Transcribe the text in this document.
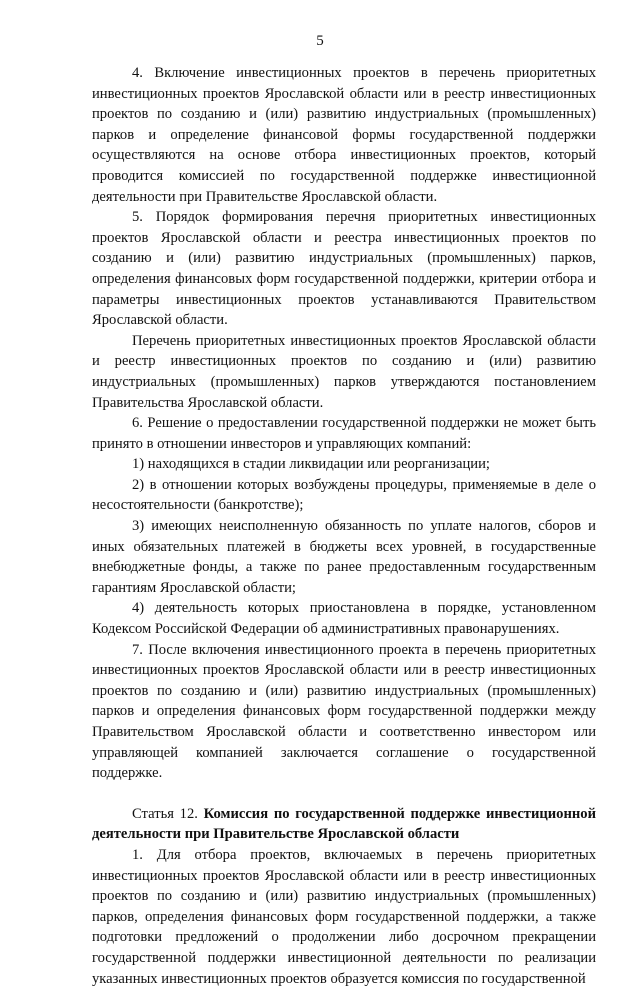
5

4. Включение инвестиционных проектов в перечень приоритетных инвестиционных проектов Ярославской области или в реестр инвестиционных проектов по созданию и (или) развитию индустриальных (промышленных) парков и определение финансовой формы государственной поддержки осуществляются на основе отбора инвестиционных проектов, который проводится комиссией по государственной поддержке инвестиционной деятельности при Правительстве Ярославской области.

5. Порядок формирования перечня приоритетных инвестиционных проектов Ярославской области и реестра инвестиционных проектов по созданию и (или) развитию индустриальных (промышленных) парков, определения финансовых форм государственной поддержки, критерии отбора и параметры инвестиционных проектов устанавливаются Правительством Ярославской области.

Перечень приоритетных инвестиционных проектов Ярославской области и реестр инвестиционных проектов по созданию и (или) развитию индустриальных (промышленных) парков утверждаются постановлением Правительства Ярославской области.

6. Решение о предоставлении государственной поддержки не может быть принято в отношении инвесторов и управляющих компаний:

1) находящихся в стадии ликвидации или реорганизации;

2) в отношении которых возбуждены процедуры, применяемые в деле о несостоятельности (банкротстве);

3) имеющих неисполненную обязанность по уплате налогов, сборов и иных обязательных платежей в бюджеты всех уровней, в государственные внебюджетные фонды, а также по ранее предоставленным государственным гарантиям Ярославской области;

4) деятельность которых приостановлена в порядке, установленном Кодексом Российской Федерации об административных правонарушениях.

7. После включения инвестиционного проекта в перечень приоритетных инвестиционных проектов Ярославской области или в реестр инвестиционных проектов по созданию и (или) развитию индустриальных (промышленных) парков и определения финансовых форм государственной поддержки между Правительством Ярославской области и соответственно инвестором или управляющей компанией заключается соглашение о государственной поддержке.

Статья 12. Комиссия по государственной поддержке инвестиционной деятельности при Правительстве Ярославской области

1. Для отбора проектов, включаемых в перечень приоритетных инвестиционных проектов Ярославской области или в реестр инвестиционных проектов по созданию и (или) развитию индустриальных (промышленных) парков, определения финансовых форм государственной поддержки, а также подготовки предложений о продолжении либо досрочном прекращении государственной поддержки инвестиционной деятельности по реализации указанных инвестиционных проектов образуется комиссия по государственной
